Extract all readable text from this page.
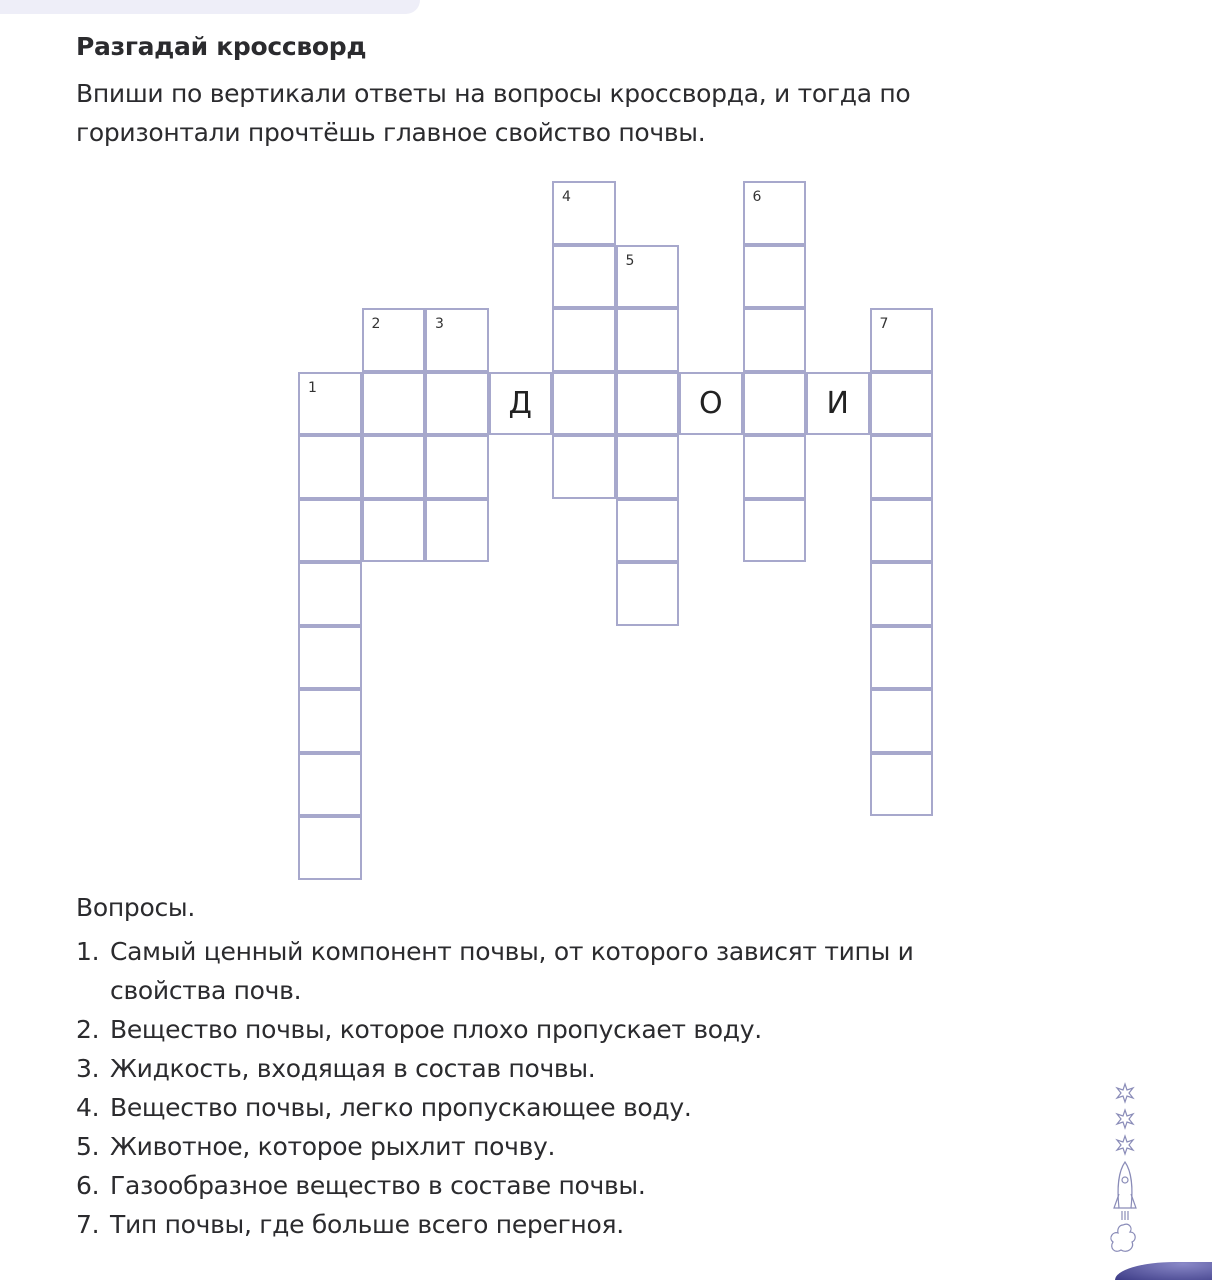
Разгадай кроссворд
Впиши по вертикали ответы на вопросы кроссворда, и тогда по горизонтали прочтёшь главное свойство почвы.
1
2	3
4
5
6
7
Д	О	И
Вопросы.
1. Самый ценный компонент почвы, от которого зависят типы и свойства почв.
2. Вещество почвы, которое плохо пропускает воду.
3. Жидкость, входящая в состав почвы.
4. Вещество почвы, легко пропускающее воду.
5. Животное, которое рыхлит почву.
6. Газообразное вещество в составе почвы.
7. Тип почвы, где больше всего перегноя.
